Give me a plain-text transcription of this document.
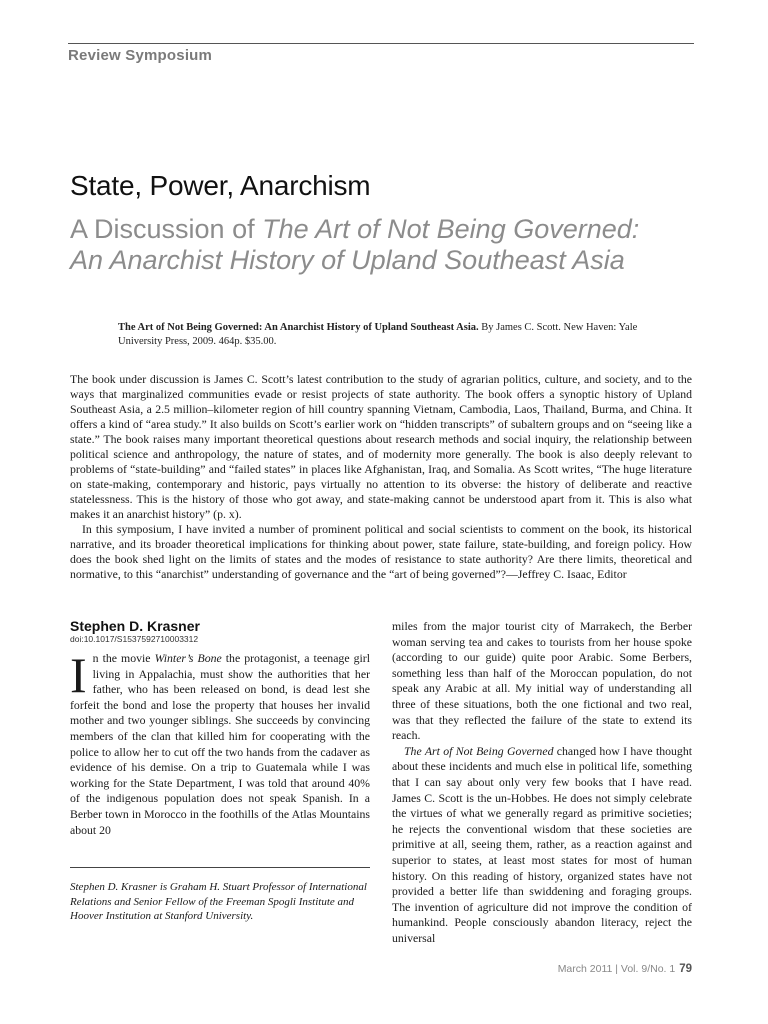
Review Symposium
State, Power, Anarchism
A Discussion of The Art of Not Being Governed: An Anarchist History of Upland Southeast Asia
The Art of Not Being Governed: An Anarchist History of Upland Southeast Asia. By James C. Scott. New Haven: Yale University Press, 2009. 464p. $35.00.

The book under discussion is James C. Scott’s latest contribution to the study of agrarian politics, culture, and society, and to the ways that marginalized communities evade or resist projects of state authority. The book offers a synoptic history of Upland Southeast Asia, a 2.5 million–kilometer region of hill country spanning Vietnam, Cambodia, Laos, Thailand, Burma, and China. It offers a kind of “area study.” It also builds on Scott’s earlier work on “hidden transcripts” of subaltern groups and on “seeing like a state.” The book raises many important theoretical questions about research methods and social inquiry, the relationship between political science and anthropology, the nature of states, and of modernity more generally. The book is also deeply relevant to problems of “state-building” and “failed states” in places like Afghanistan, Iraq, and Somalia. As Scott writes, “The huge literature on state-making, contemporary and historic, pays virtually no attention to its obverse: the history of deliberate and reactive statelessness. This is the history of those who got away, and state-making cannot be understood apart from it. This is also what makes it an anarchist history” (p. x).

In this symposium, I have invited a number of prominent political and social scientists to comment on the book, its historical narrative, and its broader theoretical implications for thinking about power, state failure, state-building, and foreign policy. How does the book shed light on the limits of states and the modes of resistance to state authority? Are there limits, theoretical and normative, to this “anarchist” understanding of governance and the “art of being governed”?—Jeffrey C. Isaac, Editor

Stephen D. Krasner
doi:10.1017/S1537592710003312

In the movie Winter’s Bone the protagonist, a teenage girl living in Appalachia, must show the authorities that her father, who has been released on bond, is dead lest she forfeit the bond and lose the property that houses her invalid mother and two younger siblings. She succeeds by convincing members of the clan that killed him for cooperating with the police to allow her to cut off the two hands from the cadaver as evidence of his demise. On a trip to Guatemala while I was working for the State Department, I was told that around 40% of the indigenous population does not speak Spanish. In a Berber town in Morocco in the foothills of the Atlas Mountains about 20

Stephen D. Krasner is Graham H. Stuart Professor of International Relations and Senior Fellow of the Freeman Spogli Institute and Hoover Institution at Stanford University.

miles from the major tourist city of Marrakech, the Berber woman serving tea and cakes to tourists from her house spoke (according to our guide) quite poor Arabic. Some Berbers, something less than half of the Moroccan population, do not speak any Arabic at all. My initial way of understanding all three of these situations, both the one fictional and two real, was that they reflected the failure of the state to extend its reach.

The Art of Not Being Governed changed how I have thought about these incidents and much else in political life, something that I can say about only very few books that I have read. James C. Scott is the un-Hobbes. He does not simply celebrate the virtues of what we generally regard as primitive societies; he rejects the conventional wisdom that these societies are primitive at all, seeing them, rather, as a reaction against and superior to states, at least most states for most of human history. On this reading of history, organized states have not provided a better life than swiddening and foraging groups. The invention of agriculture did not improve the condition of humankind. People consciously abandon literacy, reject the universal

March 2011 | Vol. 9/No. 1 79
